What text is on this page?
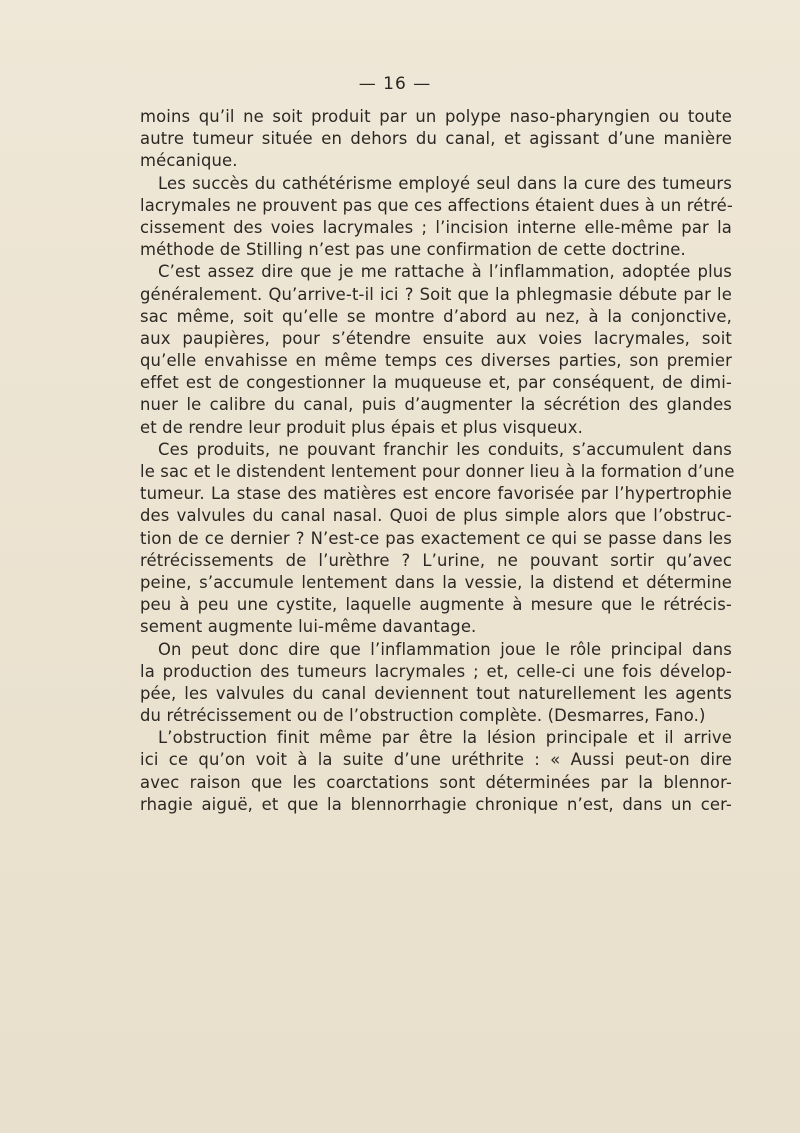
— 16 —
moins qu’il ne soit produit par un polype naso-pharyngien ou toute
autre tumeur située en dehors du canal, et agissant d’une manière
mécanique.
Les succès du cathétérisme employé seul dans la cure des tumeurs
lacrymales ne prouvent pas que ces affections étaient dues à un rétré-
cissement des voies lacrymales ; l’incision interne elle-même par la
méthode de Stilling n’est pas une confirmation de cette doctrine.
C’est assez dire que je me rattache à l’inflammation, adoptée plus
généralement. Qu’arrive-t-il ici ? Soit que la phlegmasie débute par le
sac même, soit qu’elle se montre d’abord au nez, à la conjonctive,
aux paupières, pour s’étendre ensuite aux voies lacrymales, soit
qu’elle envahisse en même temps ces diverses parties, son premier
effet est de congestionner la muqueuse et, par conséquent, de dimi-
nuer le calibre du canal, puis d’augmenter la sécrétion des glandes
et de rendre leur produit plus épais et plus visqueux.
Ces produits, ne pouvant franchir les conduits, s’accumulent dans
le sac et le distendent lentement pour donner lieu à la formation d’une
tumeur. La stase des matières est encore favorisée par l’hypertrophie
des valvules du canal nasal. Quoi de plus simple alors que l’obstruc-
tion de ce dernier ? N’est-ce pas exactement ce qui se passe dans les
rétrécissements de l’urèthre ? L’urine, ne pouvant sortir qu’avec
peine, s’accumule lentement dans la vessie, la distend et détermine
peu à peu une cystite, laquelle augmente à mesure que le rétrécis-
sement augmente lui-même davantage.
On peut donc dire que l’inflammation joue le rôle principal dans
la production des tumeurs lacrymales ; et, celle-ci une fois dévelop-
pée, les valvules du canal deviennent tout naturellement les agents
du rétrécissement ou de l’obstruction complète. (Desmarres, Fano.)
L’obstruction finit même par être la lésion principale et il arrive
ici ce qu’on voit à la suite d’une uréthrite : « Aussi peut-on dire
avec raison que les coarctations sont déterminées par la blennor-
rhagie aiguë, et que la blennorrhagie chronique n’est, dans un cer-
